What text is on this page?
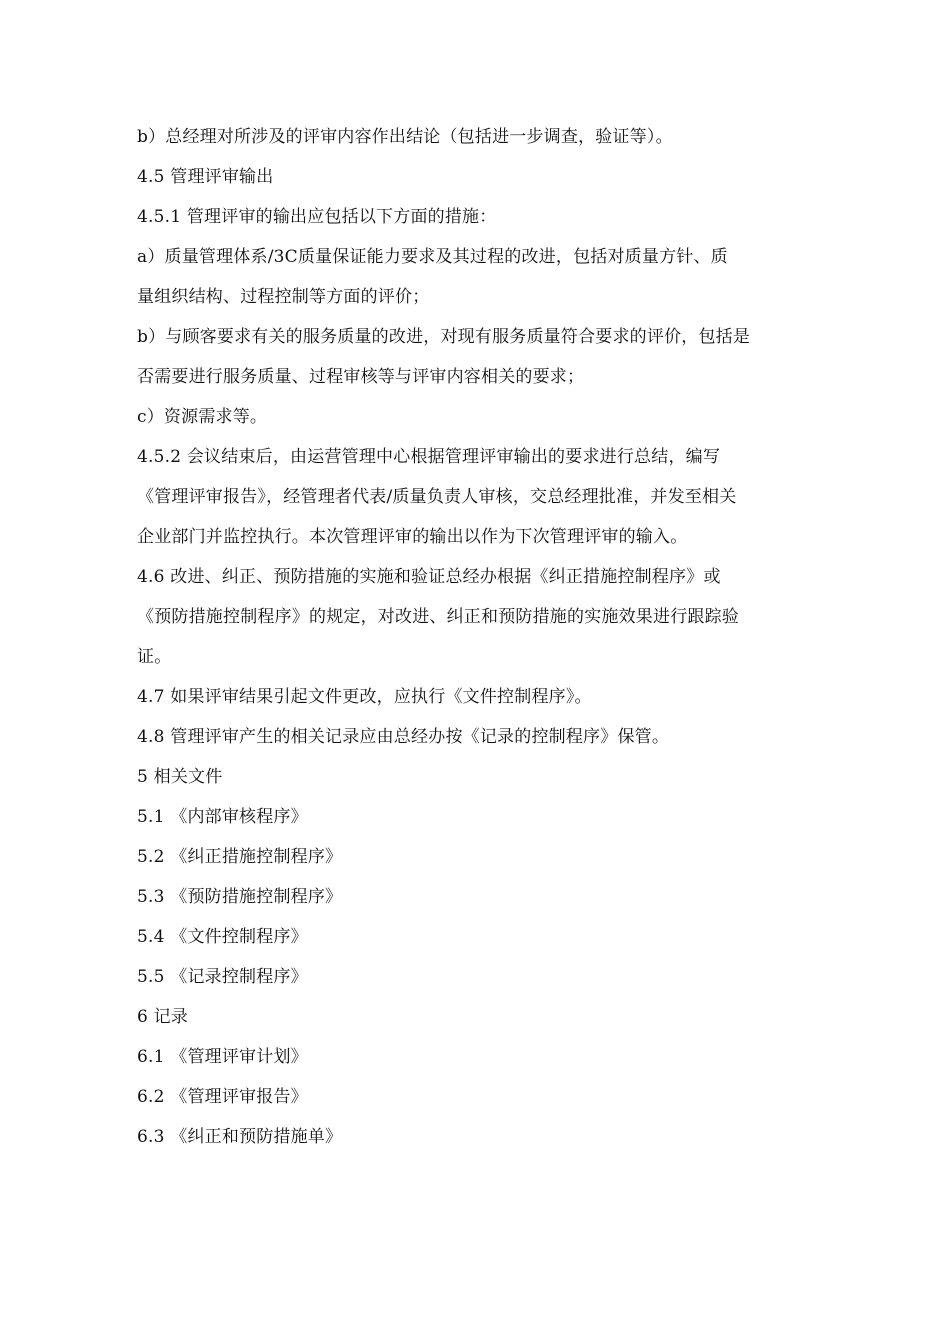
b）总经理对所涉及的评审内容作出结论（包括进一步调查，验证等）。
4.5 管理评审输出
4.5.1 管理评审的输出应包括以下方面的措施：
a）质量管理体系/3C质量保证能力要求及其过程的改进，包括对质量方针、质
量组织结构、过程控制等方面的评价；
b）与顾客要求有关的服务质量的改进，对现有服务质量符合要求的评价，包括是
否需要进行服务质量、过程审核等与评审内容相关的要求；
c）资源需求等。
4.5.2 会议结束后，由运营管理中心根据管理评审输出的要求进行总结，编写
《管理评审报告》，经管理者代表/质量负责人审核，交总经理批准，并发至相关
企业部门并监控执行。本次管理评审的输出以作为下次管理评审的输入。
4.6 改进、纠正、预防措施的实施和验证总经办根据《纠正措施控制程序》或
《预防措施控制程序》的规定，对改进、纠正和预防措施的实施效果进行跟踪验
证。
4.7 如果评审结果引起文件更改，应执行《文件控制程序》。
4.8 管理评审产生的相关记录应由总经办按《记录的控制程序》保管。
5 相关文件
5.1 《内部审核程序》
5.2 《纠正措施控制程序》
5.3 《预防措施控制程序》
5.4 《文件控制程序》
5.5 《记录控制程序》
6 记录
6.1 《管理评审计划》
6.2 《管理评审报告》
6.3 《纠正和预防措施单》
